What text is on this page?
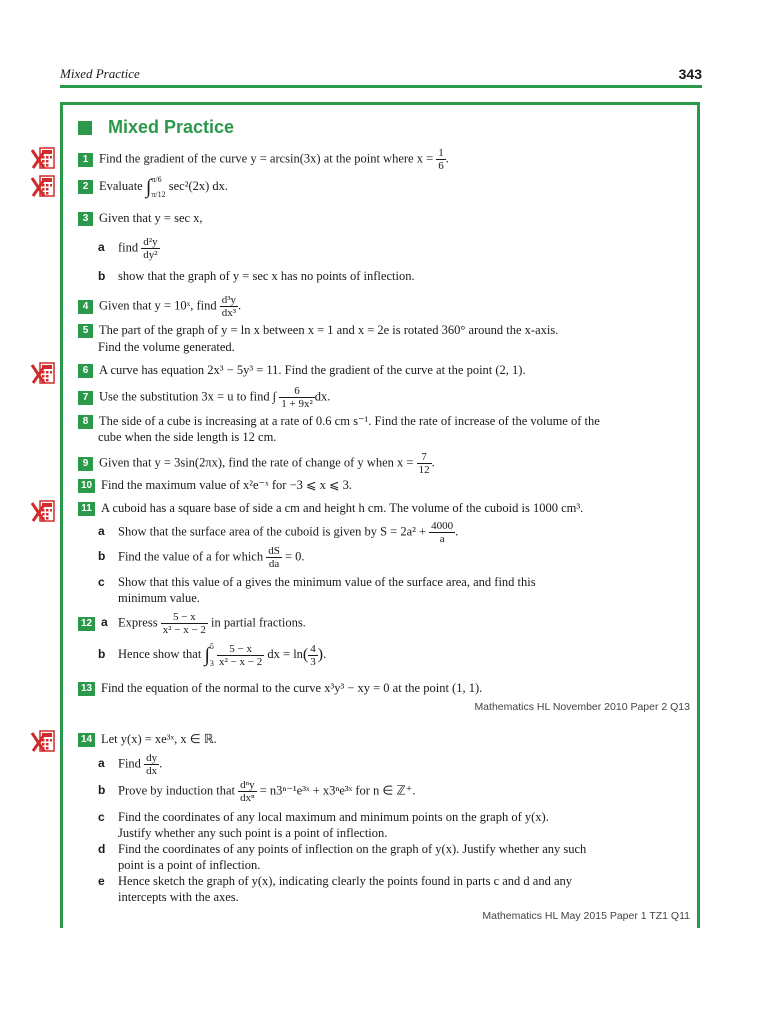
Mixed Practice	343
Mixed Practice
1 Find the gradient of the curve y = arcsin(3x) at the point where $x = \frac{1}{6}$ .
2 Evaluate ∫ π/6
π/12
sec²(2x) dx.
3 Given that y = sec x,
a find $\frac{\text{d²y}}{\text{dy²}}$
b show that the graph of y = sec x has no points of inflection.
4 Given that y = 10ˣ, find $\frac{\text{d³y}}{\text{dx³}}$ .
5 The part of the graph of y = ln x between x = 1 and x = 2e is rotated 360° around the x-axis.
Find the volume generated.
6 A curve has equation 2x³ − 5y³ = 11. Find the gradient of the curve at the point (2, 1).
7 Use the substitution 3x = u to find ∫ $\frac{6}{\text{1 + 9x²}}$ dx.
8 The side of a cube is increasing at a rate of 0.6 cm s⁻¹. Find the rate of increase of the volume of the
cube when the side length is 12 cm.
9 Given that y = 3sin(2πx), find the rate of change of y when $x = \frac{7}{12}$ .
10 Find the maximum value of x²e⁻ˣ for −3 ⩽ x ⩽ 3.
11 A cuboid has a square base of side a cm and height h cm. The volume of the cuboid is 1000 cm³.
a Show that the surface area of the cuboid is given by $S = 2a^2 + \frac{4000}{a}$ .
b Find the value of a for which $\frac{dS}{da} = 0$.
c Show that this value of a gives the minimum value of the surface area, and find this
minimum value.
12 a Express $\frac{5 - x}{\text{x² − x − 2}}$ in partial fractions.
b Hence show that ∫ 5
3
$\frac{5 - x}{\text{x² − x − 2}}$ dx = $\ln( \frac{4}{3}$ ).
13 Find the equation of the normal to the curve x³y³ − xy = 0 at the point (1, 1).
Mathematics HL November 2010 Paper 2 Q13
14 Let y(x) = xe³ˣ, x ∈ ℝ.
a Find $\frac{dy}{dx}$ .
b Prove by induction that $\frac{\text{dⁿy}}{\text{dxⁿ}}$ = n3ⁿ⁻¹e³ˣ + x3ⁿe³ˣ for n ∈ ℤ⁺.
c Find the coordinates of any local maximum and minimum points on the graph of y(x).
Justify whether any such point is a point of inflection.
d Find the coordinates of any points of inflection on the graph of y(x). Justify whether any such
point is a point of inflection.
e Hence sketch the graph of y(x), indicating clearly the points found in parts c and d and any
intercepts with the axes.
Mathematics HL May 2015 Paper 1 TZ1 Q11
